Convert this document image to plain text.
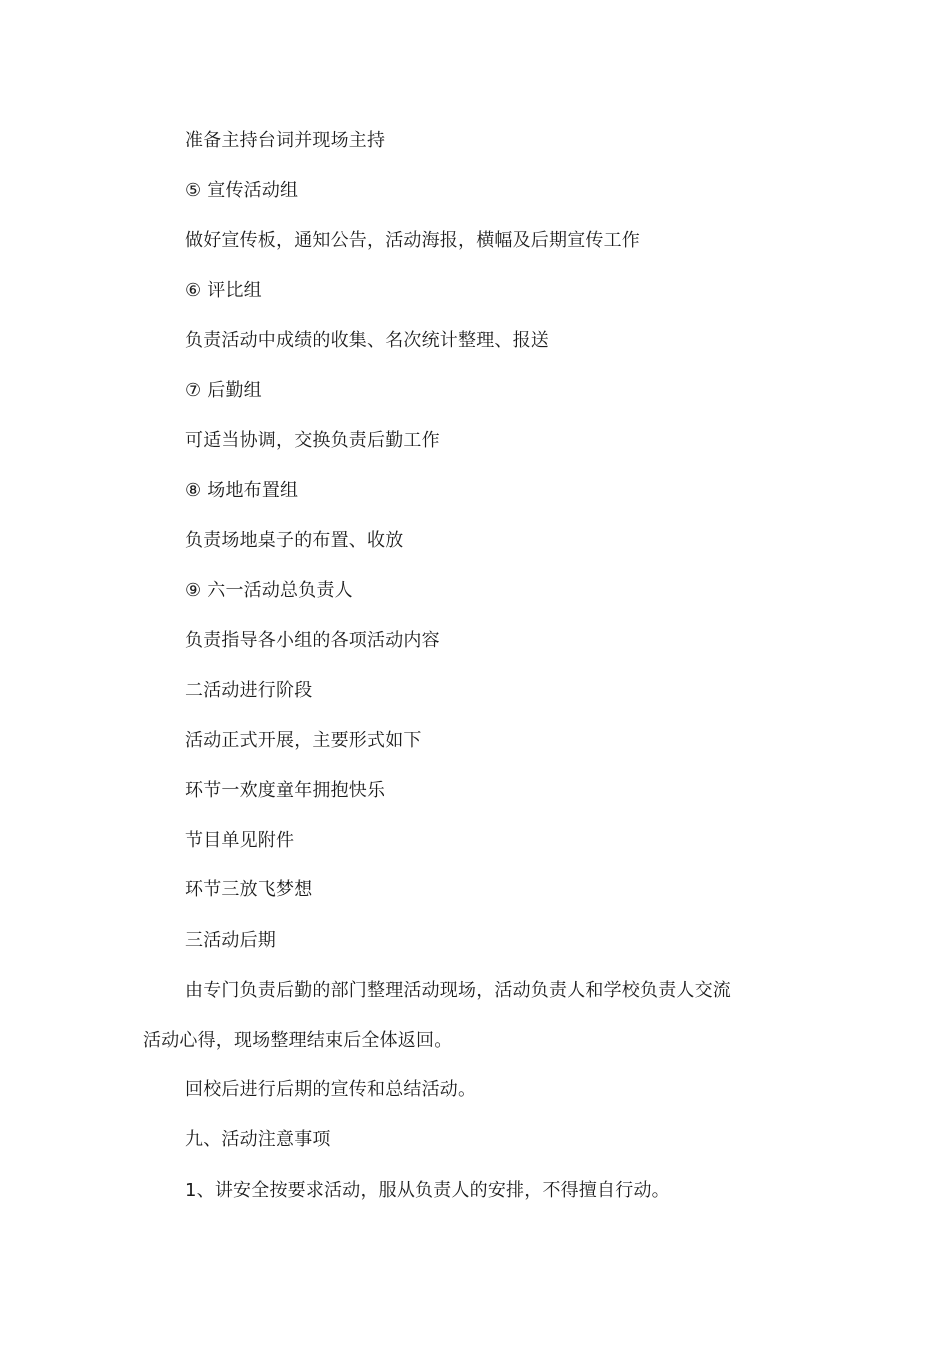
准备主持台词并现场主持
⑤ 宣传活动组
做好宣传板，通知公告，活动海报，横幅及后期宣传工作
⑥ 评比组
负责活动中成绩的收集、名次统计整理、报送
⑦ 后勤组
可适当协调，交换负责后勤工作
⑧ 场地布置组
负责场地桌子的布置、收放
⑨ 六一活动总负责人
负责指导各小组的各项活动内容
二活动进行阶段
活动正式开展，主要形式如下
环节一欢度童年拥抱快乐
节目单见附件
环节三放飞梦想
三活动后期
由专门负责后勤的部门整理活动现场，活动负责人和学校负责人交流
活动心得，现场整理结束后全体返回。
回校后进行后期的宣传和总结活动。
九、活动注意事项
1、讲安全按要求活动，服从负责人的安排，不得擅自行动。
